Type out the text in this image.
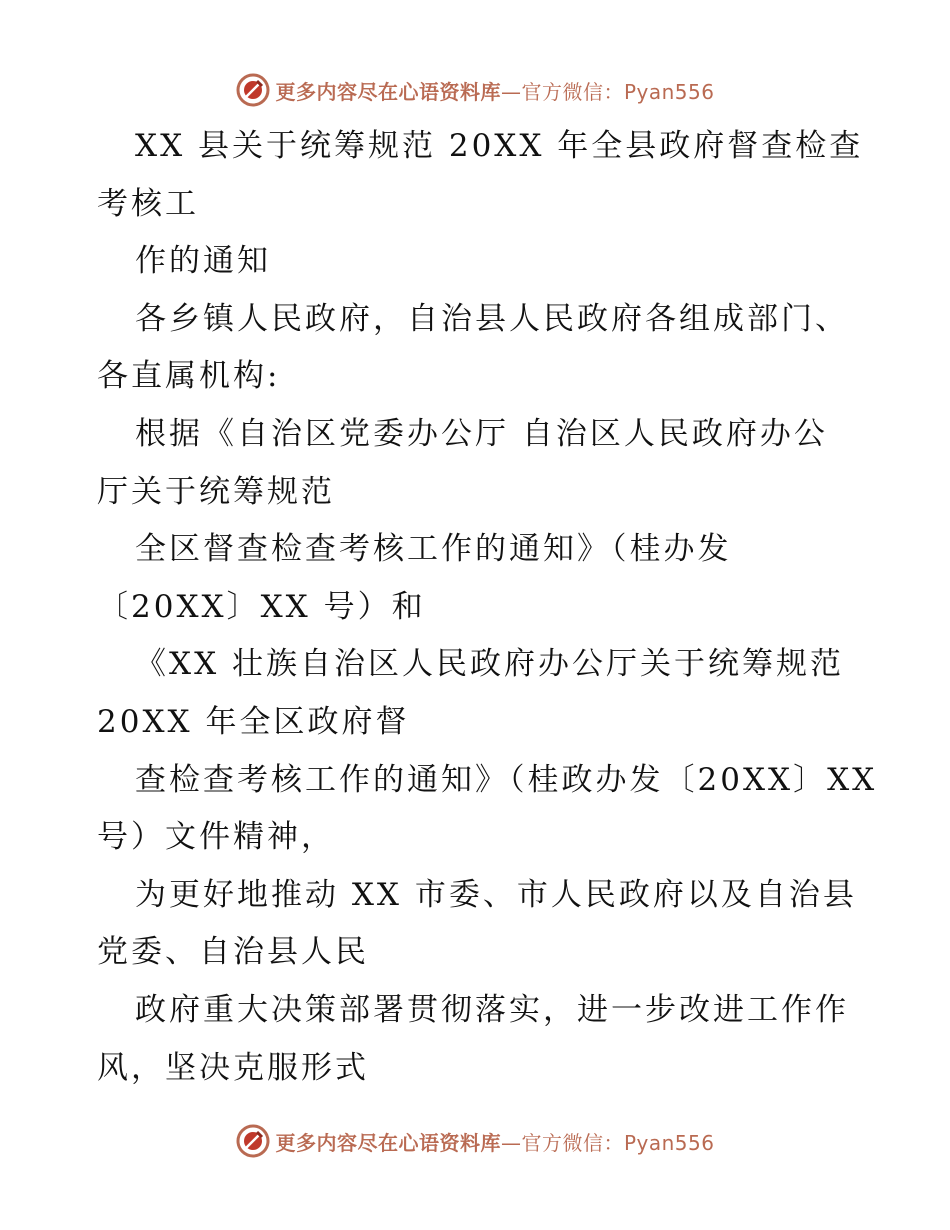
更多内容尽在心语资料库—官方微信：Pyan556
XX 县关于统筹规范 20XX 年全县政府督查检查
考核工
作的通知
各乡镇人民政府，自治县人民政府各组成部门、
各直属机构:
根据《自治区党委办公厅 自治区人民政府办公
厅关于统筹规范
全区督查检查考核工作的通知》（桂办发
〔20XX〕XX 号）和
《XX 壮族自治区人民政府办公厅关于统筹规范
20XX 年全区政府督
查检查考核工作的通知》（桂政办发〔20XX〕XX
号）文件精神，
为更好地推动 XX 市委、市人民政府以及自治县
党委、自治县人民
政府重大决策部署贯彻落实，进一步改进工作作
风，坚决克服形式
更多内容尽在心语资料库—官方微信：Pyan556
